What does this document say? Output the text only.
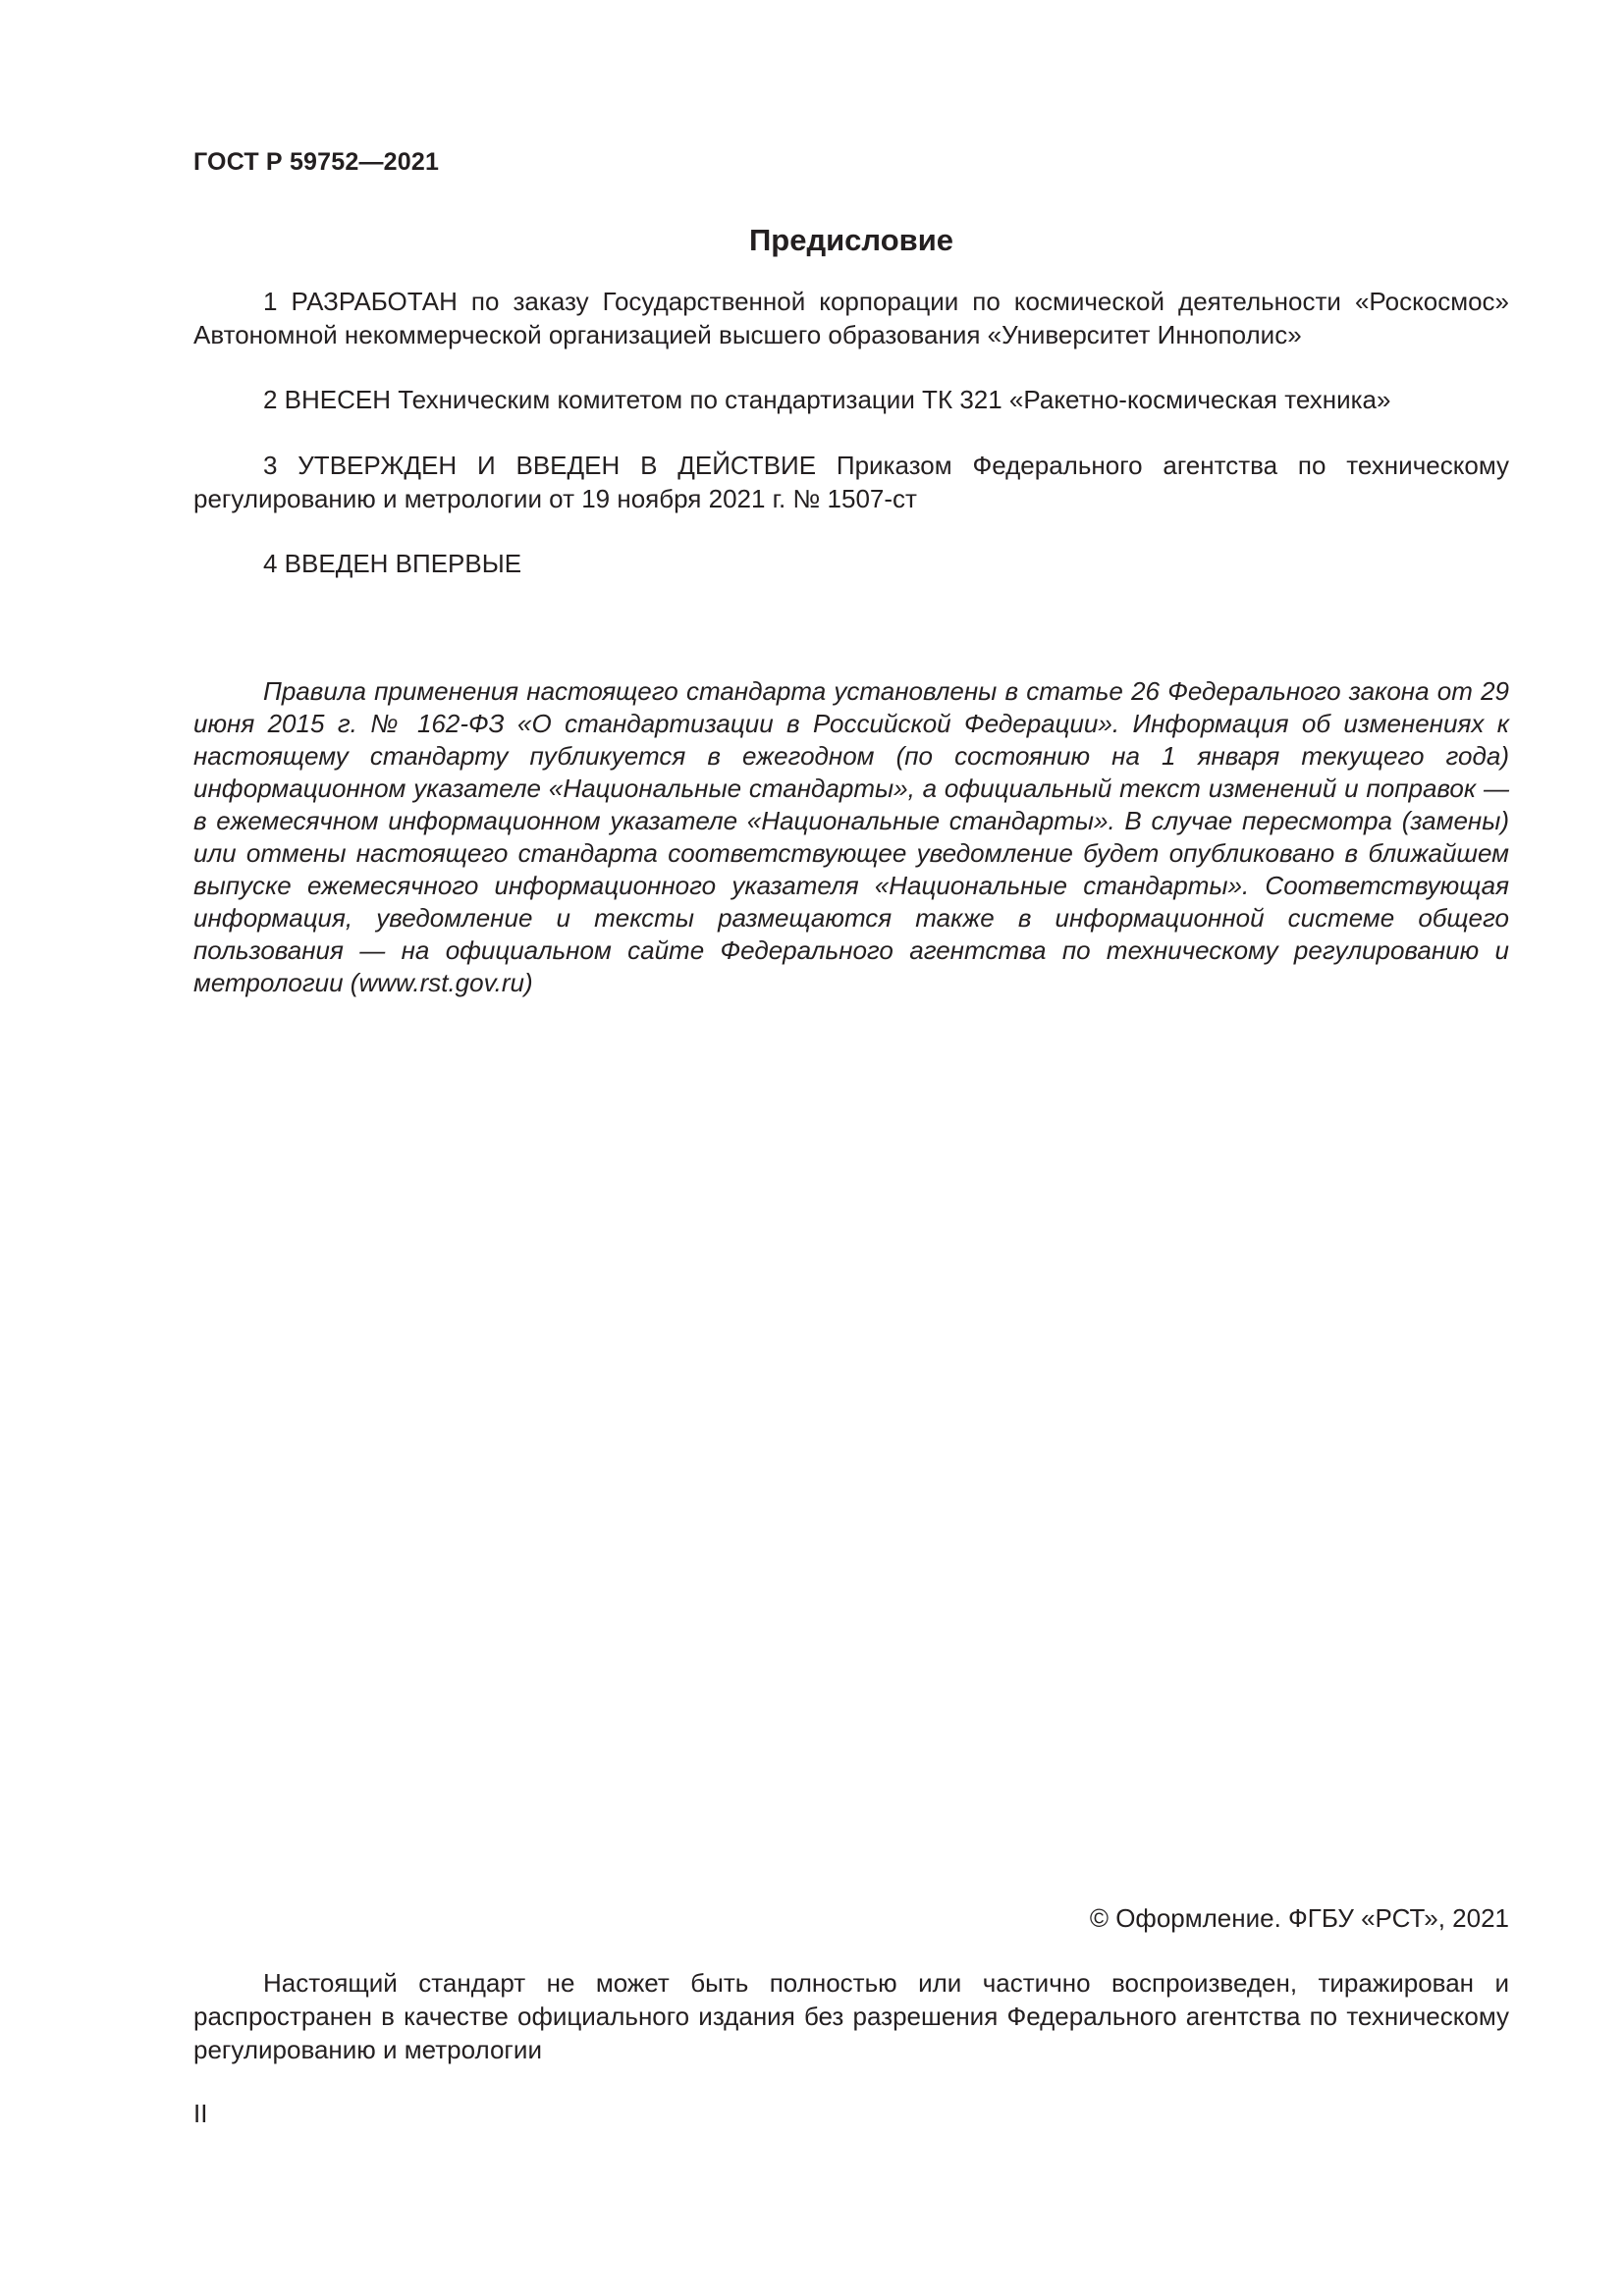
ГОСТ Р 59752—2021
Предисловие

1 РАЗРАБОТАН по заказу Государственной корпорации по космической деятельности «Роскосмос» Автономной некоммерческой организацией высшего образования «Университет Иннополис»

2 ВНЕСЕН Техническим комитетом по стандартизации ТК 321 «Ракетно-космическая техника»

3 УТВЕРЖДЕН И ВВЕДЕН В ДЕЙСТВИЕ Приказом Федерального агентства по техническому регулированию и метрологии от 19 ноября 2021 г. № 1507-ст

4 ВВЕДЕН ВПЕРВЫЕ

Правила применения настоящего стандарта установлены в статье 26 Федерального закона от 29 июня 2015 г. № 162-ФЗ «О стандартизации в Российской Федерации». Информация об изменениях к настоящему стандарту публикуется в ежегодном (по состоянию на 1 января текущего года) информационном указателе «Национальные стандарты», а официальный текст изменений и поправок — в ежемесячном информационном указателе «Национальные стандарты». В случае пересмотра (замены) или отмены настоящего стандарта соответствующее уведомление будет опубликовано в ближайшем выпуске ежемесячного информационного указателя «Национальные стандарты». Соответствующая информация, уведомление и тексты размещаются также в информационной системе общего пользования — на официальном сайте Федерального агентства по техническому регулированию и метрологии (www.rst.gov.ru)

© Оформление. ФГБУ «РСТ», 2021

Настоящий стандарт не может быть полностью или частично воспроизведен, тиражирован и распространен в качестве официального издания без разрешения Федерального агентства по техническому регулированию и метрологии

II
